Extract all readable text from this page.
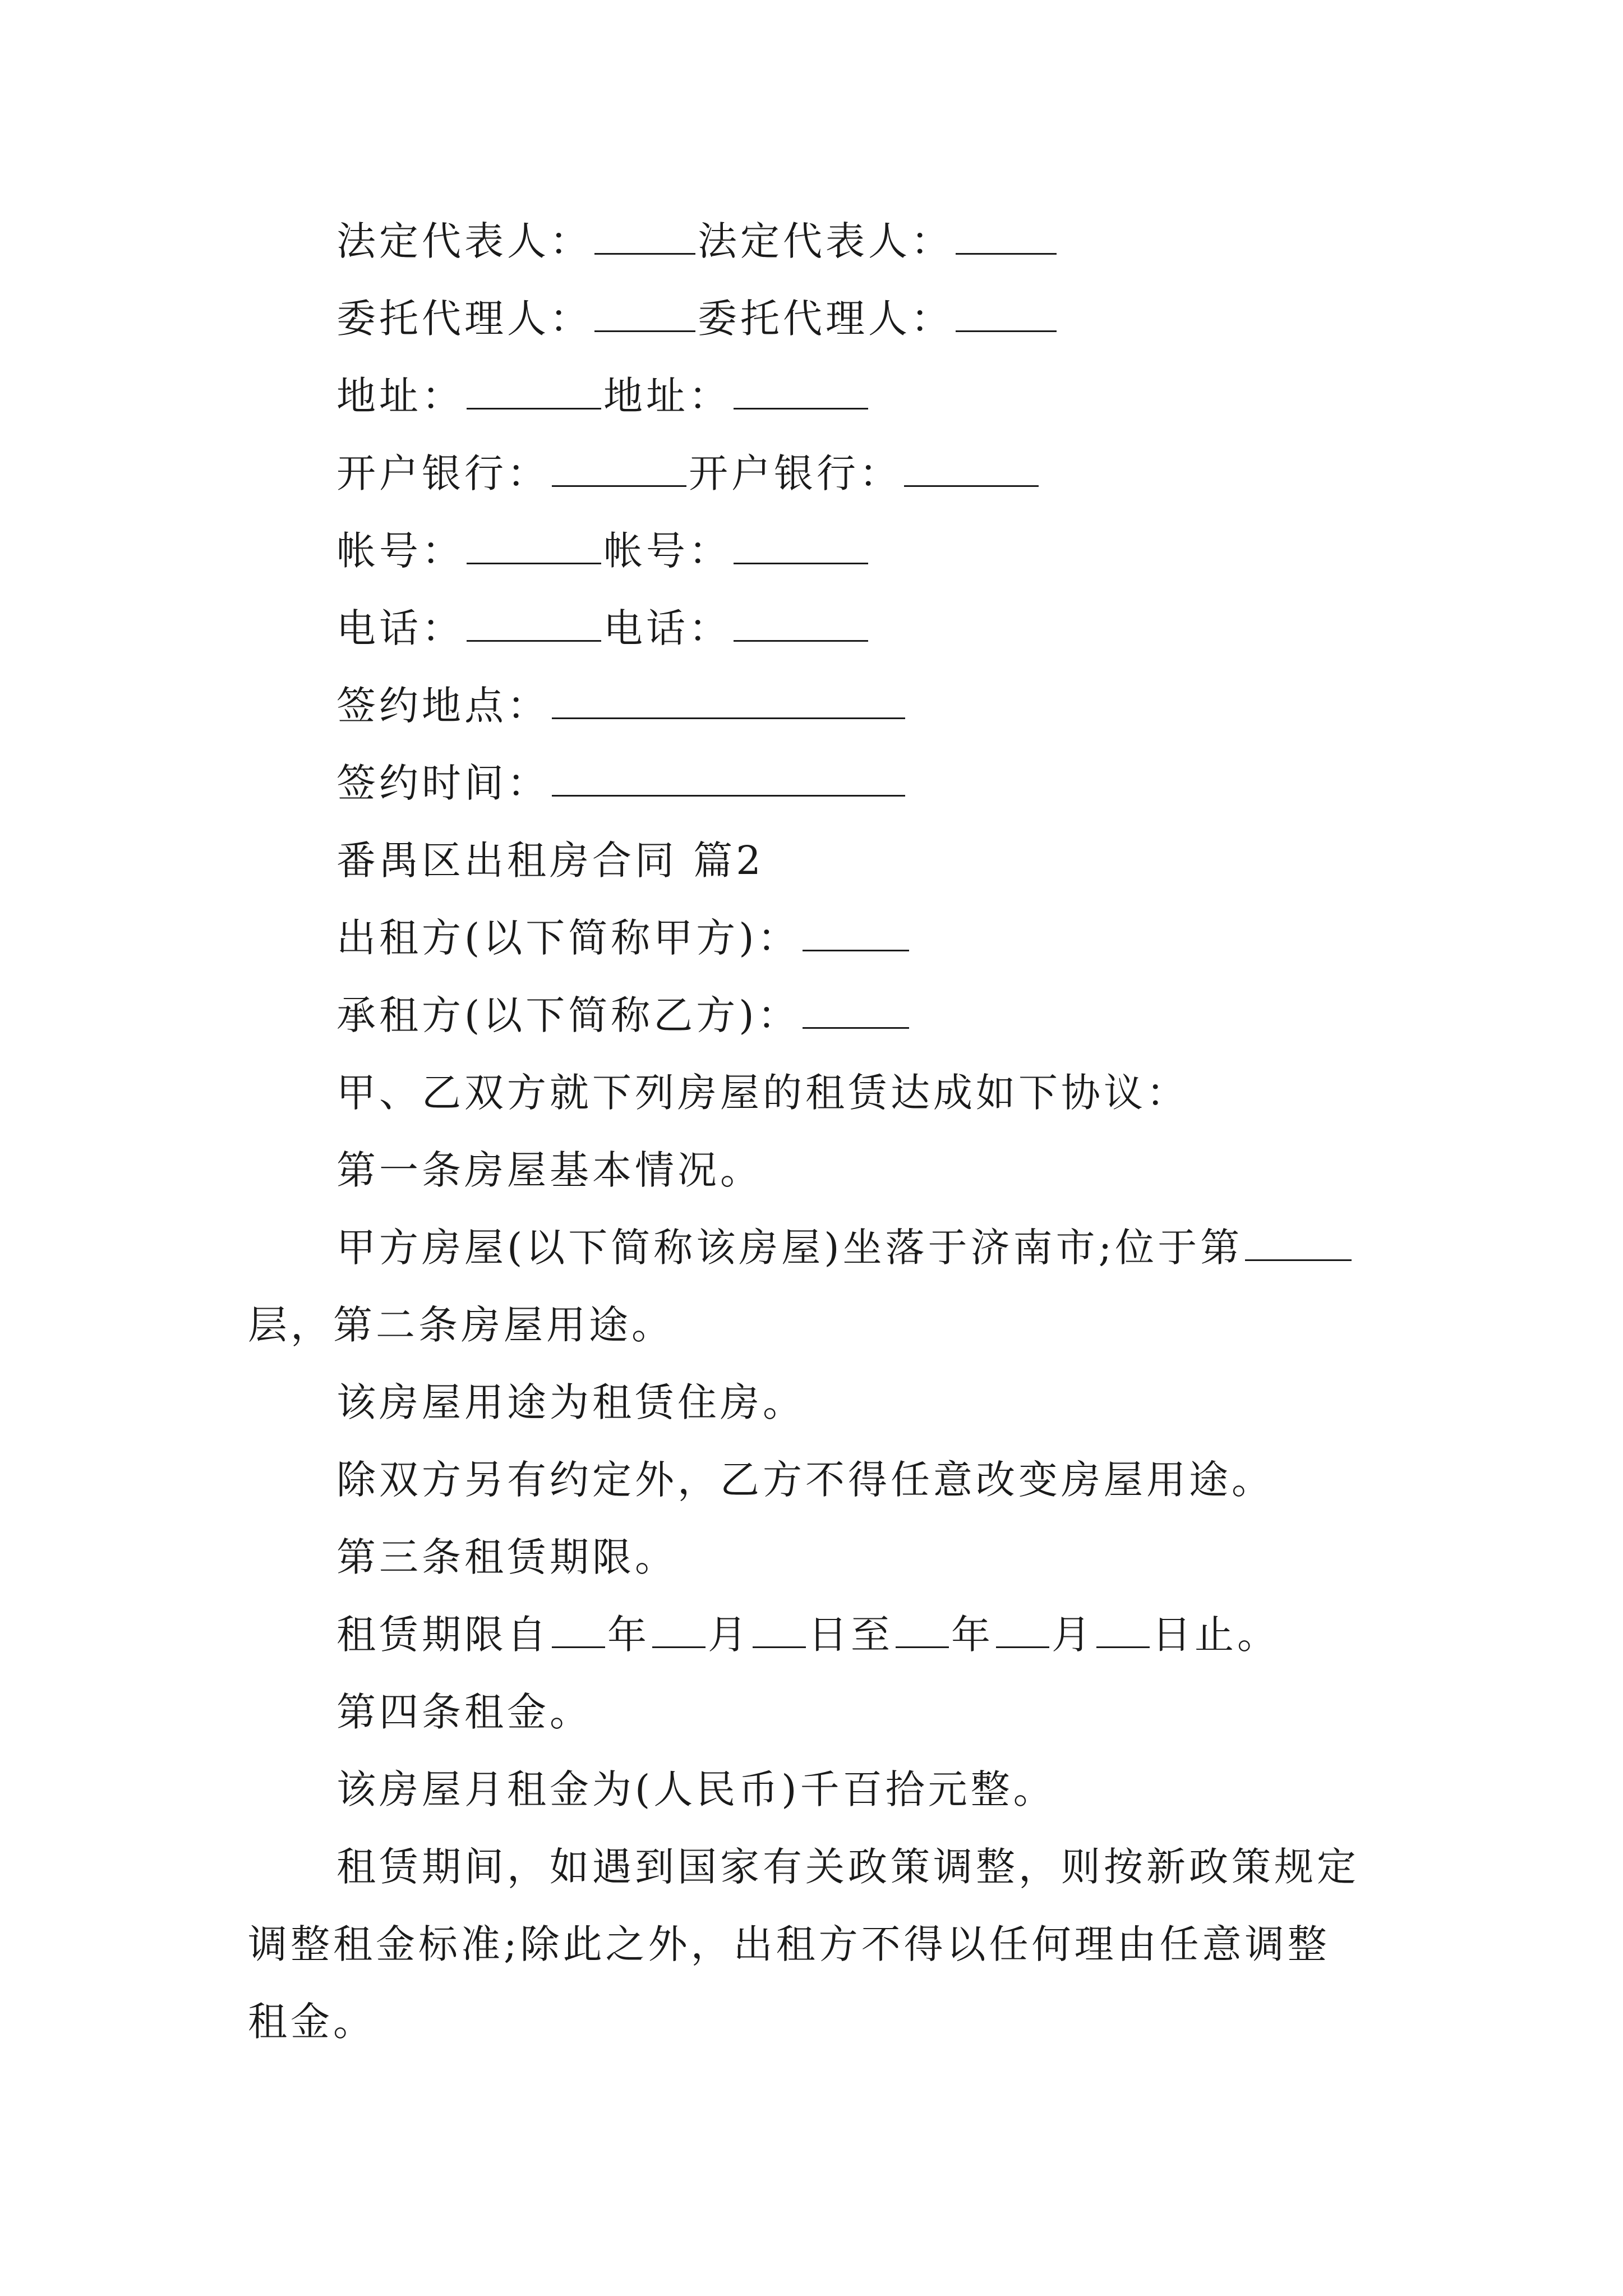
法定代表人：	法定代表人：
委托代理人：	委托代理人：
地址：	地址：
开户银行：	开户银行：
帐号：	帐号：
电话：	电话：
签约地点：
签约时间：
番禺区出租房合同 篇2
出租方(以下简称甲方)：
承租方(以下简称乙方)：
甲、乙双方就下列房屋的租赁达成如下协议：
第一条房屋基本情况。
甲方房屋(以下简称该房屋)坐落于济南市;位于第
层，第二条房屋用途。
该房屋用途为租赁住房。
除双方另有约定外，乙方不得任意改变房屋用途。
第三条租赁期限。
租赁期限自 年 月 日至 年 月 日止。
第四条租金。
该房屋月租金为(人民币)千百拾元整。
租赁期间，如遇到国家有关政策调整，则按新政策规定
调整租金标准;除此之外，出租方不得以任何理由任意调整
租金。
